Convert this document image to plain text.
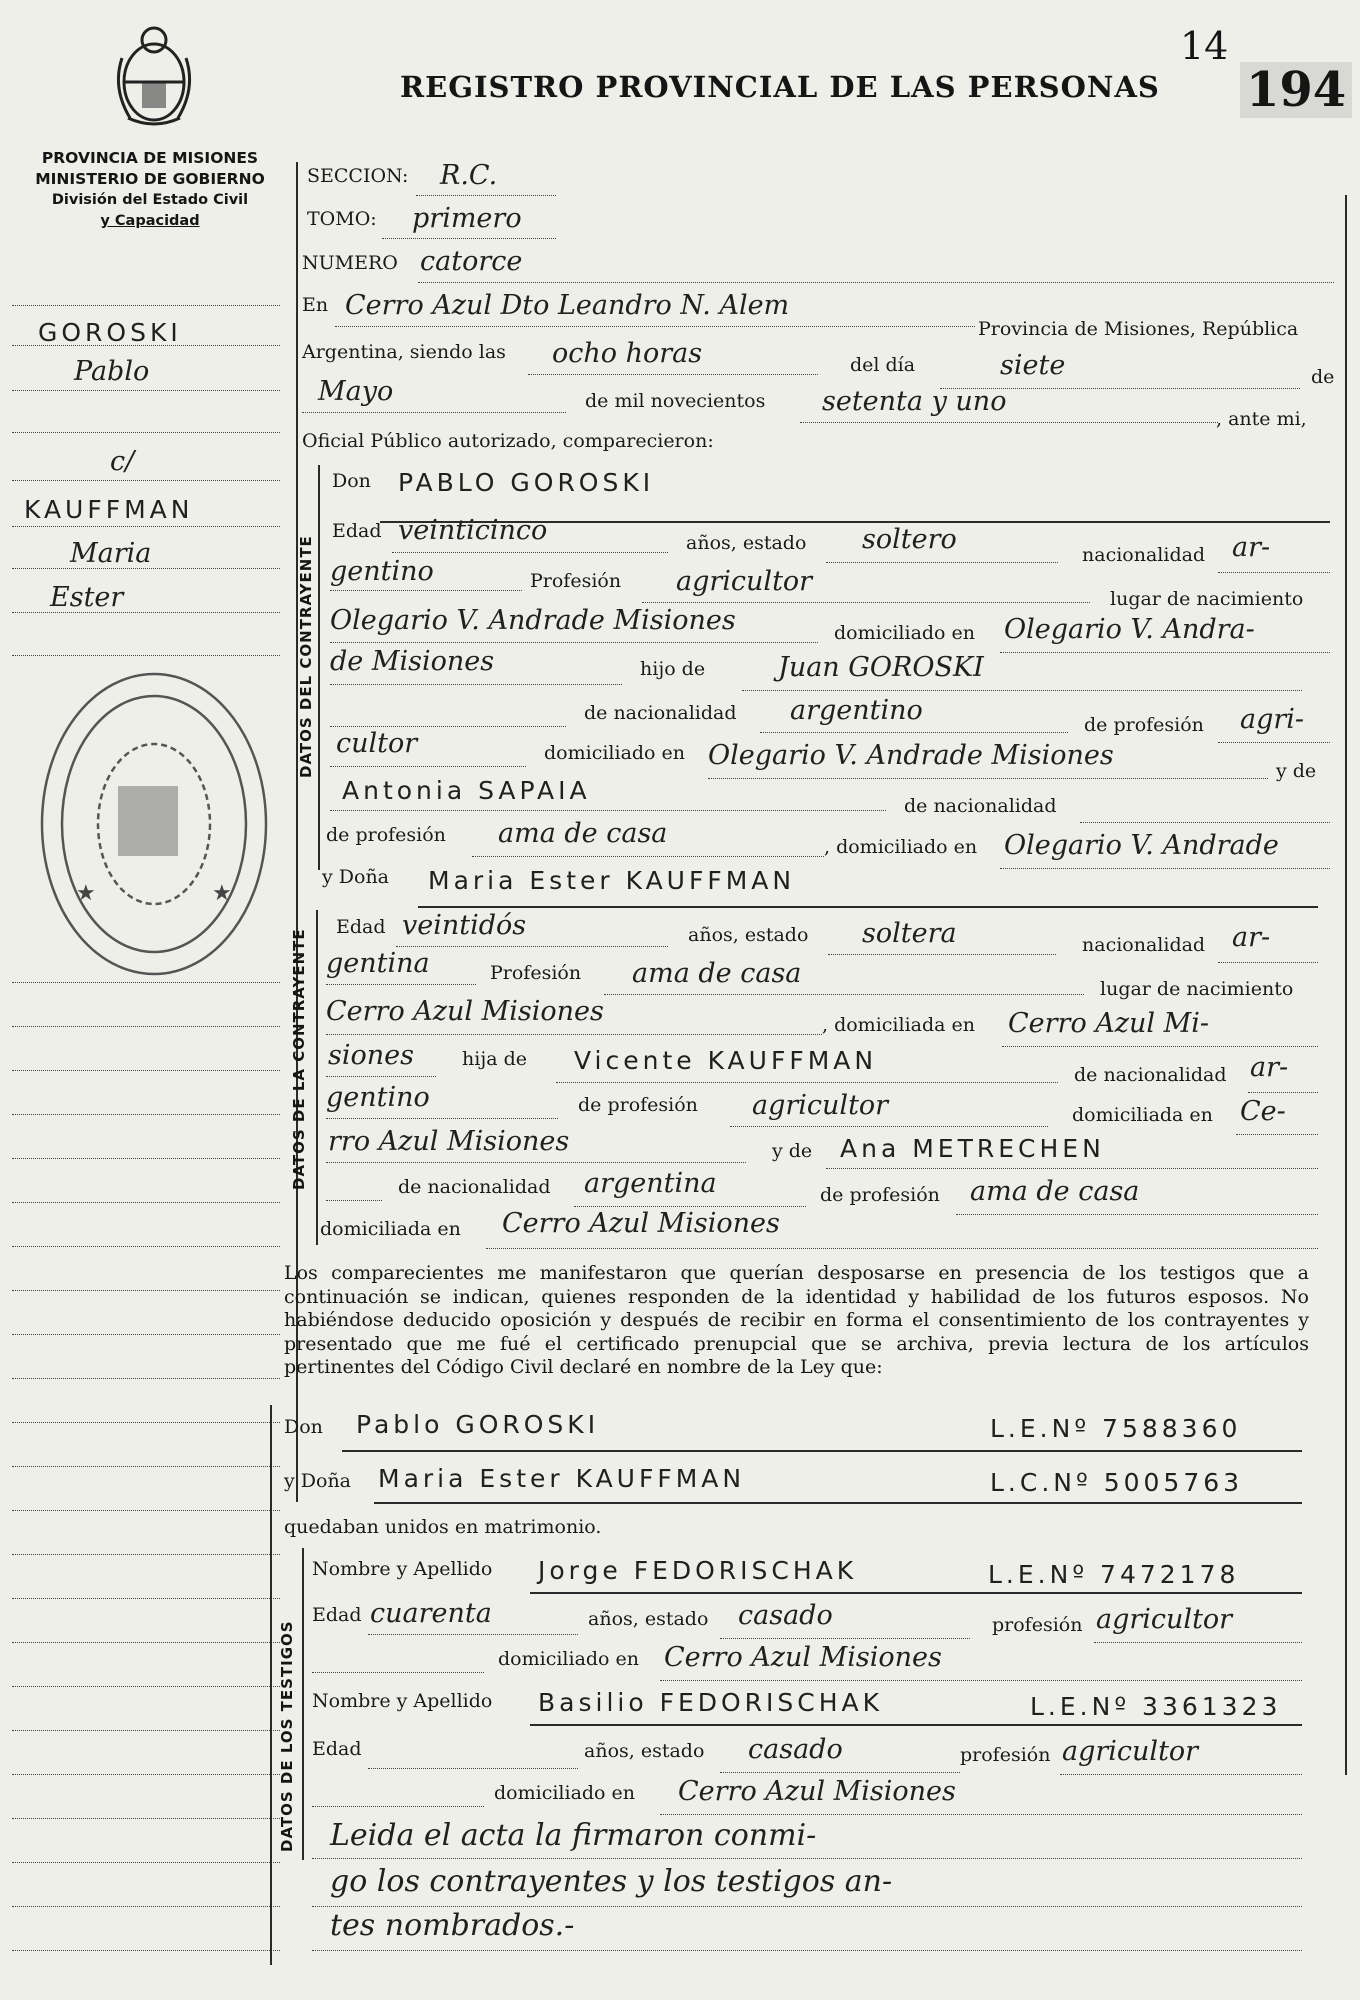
14
194
REGISTRO PROVINCIAL DE LAS PERSONAS
PROVINCIA DE MISIONES
MINISTERIO DE GOBIERNO
División del Estado Civil
y Capacidad
GOROSKI
Pablo
c/
KAUFFMAN
Maria
Ester
★	★
SECCION: R.C.
TOMO: primero
NUMERO catorce
En Cerro Azul Dto Leandro N. Alem
Provincia de Misiones, República
Argentina, siendo las ocho horas	del día	siete	de
Mayo	de mil novecientos setenta y uno
, ante mi,
Oficial Público autorizado, comparecieron:
DATOS DEL CONTRAYENTE
Don PABLO GOROSKI
Edad veinticinco	años, estado soltero	nacionalidad ar-
gentino	Profesión agricultor
lugar de nacimiento
Olegario V. Andrade Misiones	domiciliado en Olegario V. Andra-
de Misiones	hijo de	Juan GOROSKI
de nacionalidad argentino	de profesión agri-
cultor	domiciliado en Olegario V. Andrade Misiones	y de
Antonia SAPAIA
de nacionalidad
de profesión ama de casa	, domiciliado en Olegario V. Andrade
DATOS DE LA CONTRAYENTE
y Doña Maria Ester KAUFFMAN
Edad veintidós	años, estado soltera	nacionalidad ar-
gentina	Profesión ama de casa	lugar de nacimiento
Cerro Azul Misiones	, domiciliada en Cerro Azul Mi-
siones	hija de Vicente KAUFFMAN	de nacionalidad ar-
gentino	de profesión agricultor	domiciliada en Ce-
rro Azul Misiones	y de Ana METRECHEN
de nacionalidad argentina	de profesión ama de casa
domiciliada en Cerro Azul Misiones
Los comparecientes me manifestaron que querían desposarse en presencia de los testigos que a continuación se indican, quienes responden de la identidad y habilidad de los futuros esposos. No habiéndose deducido oposición y después de recibir en forma el consentimiento de los contrayentes y presentado que me fué el certificado prenupcial que se archiva, previa lectura de los artículos pertinentes del Código Civil declaré en nombre de la Ley que:
Don Pablo GOROSKI	L.E.Nº 7588360
y Doña Maria Ester KAUFFMAN	L.C.Nº 5005763
quedaban unidos en matrimonio.
DATOS DE LOS TESTIGOS
Nombre y Apellido Jorge FEDORISCHAK	L.E.Nº 7472178
Edad cuarenta	años, estado casado	profesión agricultor
domiciliado en Cerro Azul Misiones
Nombre y Apellido Basilio FEDORISCHAK	L.E.Nº 3361323
Edad	años, estado casado	profesión agricultor
domiciliado en Cerro Azul Misiones
Leida el acta la firmaron conmi-
go los contrayentes y los testigos an-
tes nombrados.-
